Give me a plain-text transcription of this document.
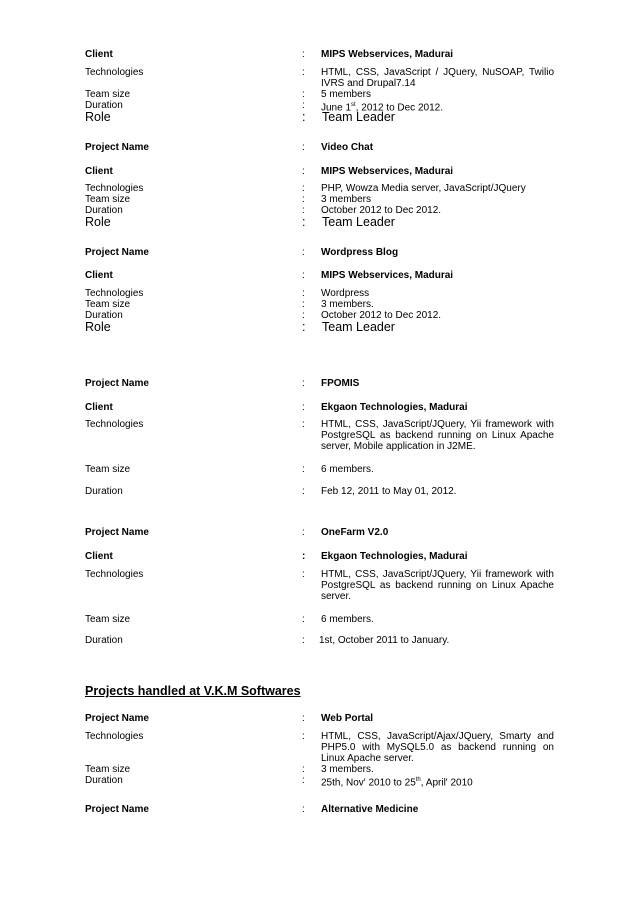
Client	: MIPS Webservices, Madurai
Technologies	: HTML, CSS, JavaScript / JQuery, NuSOAP, Twilio IVRS and Drupal7.14
Team size	: 5 members
Duration	: June 1st, 2012 to Dec 2012.
Role	: Team Leader
Project Name	: Video Chat
Client	: MIPS Webservices, Madurai
Technologies	: PHP, Wowza Media server, JavaScript/JQuery
Team size	: 3 members
Duration	: October 2012 to Dec 2012.
Role	: Team Leader
Project Name	: Wordpress Blog
Client	: MIPS Webservices, Madurai
Technologies	: Wordpress
Team size	: 3 members.
Duration	: October 2012 to Dec 2012.
Role	: Team Leader
Project Name	: FPOMIS
Client	: Ekgaon Technologies, Madurai
Technologies	: HTML, CSS, JavaScript/JQuery, Yii framework with PostgreSQL as backend running on Linux Apache server, Mobile application in J2ME.
Team size	: 6 members.
Duration	: Feb 12, 2011 to May 01, 2012.
Project Name	: OneFarm V2.0
Client	: Ekgaon Technologies, Madurai
Technologies	: HTML, CSS, JavaScript/JQuery, Yii framework with PostgreSQL as backend running on Linux Apache server.
Team size	: 6 members.
Duration	: 1st, October 2011 to January.
Projects handled at V.K.M Softwares
Project Name	: Web Portal
Technologies	: HTML, CSS, JavaScript/Ajax/JQuery, Smarty and PHP5.0 with MySQL5.0 as backend running on Linux Apache server.
Team size	: 3 members.
Duration	: 25th, Nov' 2010 to 25th, April' 2010
Project Name	: Alternative Medicine
